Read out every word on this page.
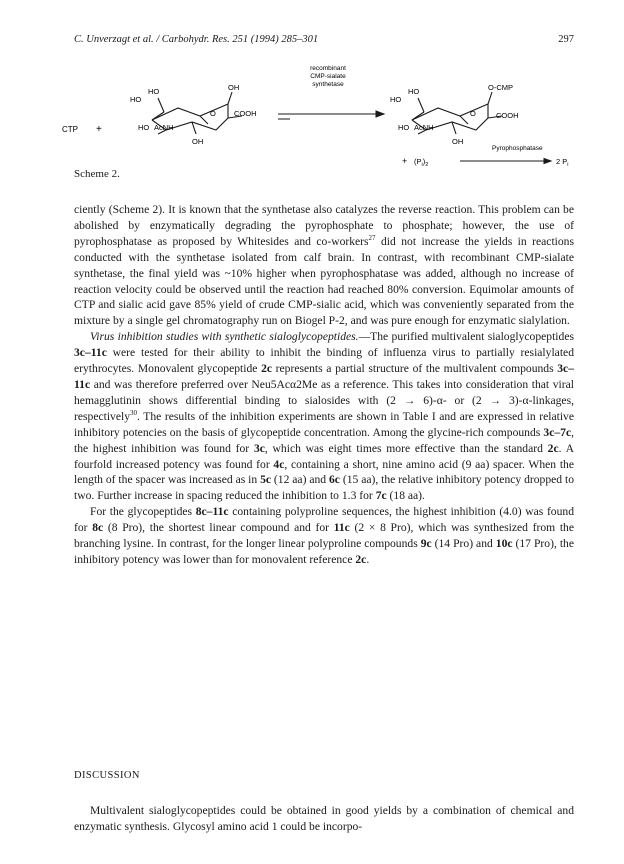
C. Unverzagt et al. / Carbohydr. Res. 251 (1994) 285–301	297
CTP +
HO
HO	OH
COOH
O
HO AcNH
OH
recombinant
CMP-sialate
synthetase
HO
HO	O-CMP
COOH
O
HO AcNH
OH
Pyrophosphatase
+ $(P_i)_2$	2 $P_i$
Scheme 2.

ciently (Scheme 2). It is known that the synthetase also catalyzes the reverse reaction. This problem can be abolished by enzymatically degrading the pyrophosphate to phosphate; however, the use of pyrophosphatase as proposed by Whitesides and co-workers$^{27}$ did not increase the yields in reactions conducted with the synthetase isolated from calf brain. In contrast, with recombinant CMP-sialate synthetase, the final yield was ~10% higher when pyrophosphatase was added, although no increase of reaction velocity could be observed until the reaction had reached 80% conversion. Equimolar amounts of CTP and sialic acid gave 85% yield of crude CMP-sialic acid, which was conveniently separated from the mixture by a single gel chromatography run on Biogel P-2, and was pure enough for enzymatic sialylation.

Virus inhibition studies with synthetic sialoglycopeptides.—The purified multivalent sialoglycopeptides 3c–11c were tested for their ability to inhibit the binding of influenza virus to partially resialylated erythrocytes. Monovalent glycopeptide 2c represents a partial structure of the multivalent compounds 3c–11c and was therefore preferred over Neu5Acα2Me as a reference. This takes into consideration that viral hemagglutinin shows differential binding to sialosides with (2 → 6)-α- or (2 → 3)-α-linkages, respectively$^{30}$. The results of the inhibition experiments are shown in Table I and are expressed in relative inhibitory potencies on the basis of glycopeptide concentration. Among the glycine-rich compounds 3c–7c, the highest inhibition was found for 3c, which was eight times more effective than the standard 2c. A fourfold increased potency was found for 4c, containing a short, nine amino acid (9 aa) spacer. When the length of the spacer was increased as in 5c (12 aa) and 6c (15 aa), the relative inhibitory potency dropped to two. Further increase in spacing reduced the inhibition to 1.3 for 7c (18 aa).

For the glycopeptides 8c–11c containing polyproline sequences, the highest inhibition (4.0) was found for 8c (8 Pro), the shortest linear compound and for 11c (2 × 8 Pro), which was synthesized from the branching lysine. In contrast, for the longer linear polyproline compounds 9c (14 Pro) and 10c (17 Pro), the inhibitory potency was lower than for monovalent reference 2c.

DISCUSSION

Multivalent sialoglycopeptides could be obtained in good yields by a combination of chemical and enzymatic synthesis. Glycosyl amino acid 1 could be incorpo-
